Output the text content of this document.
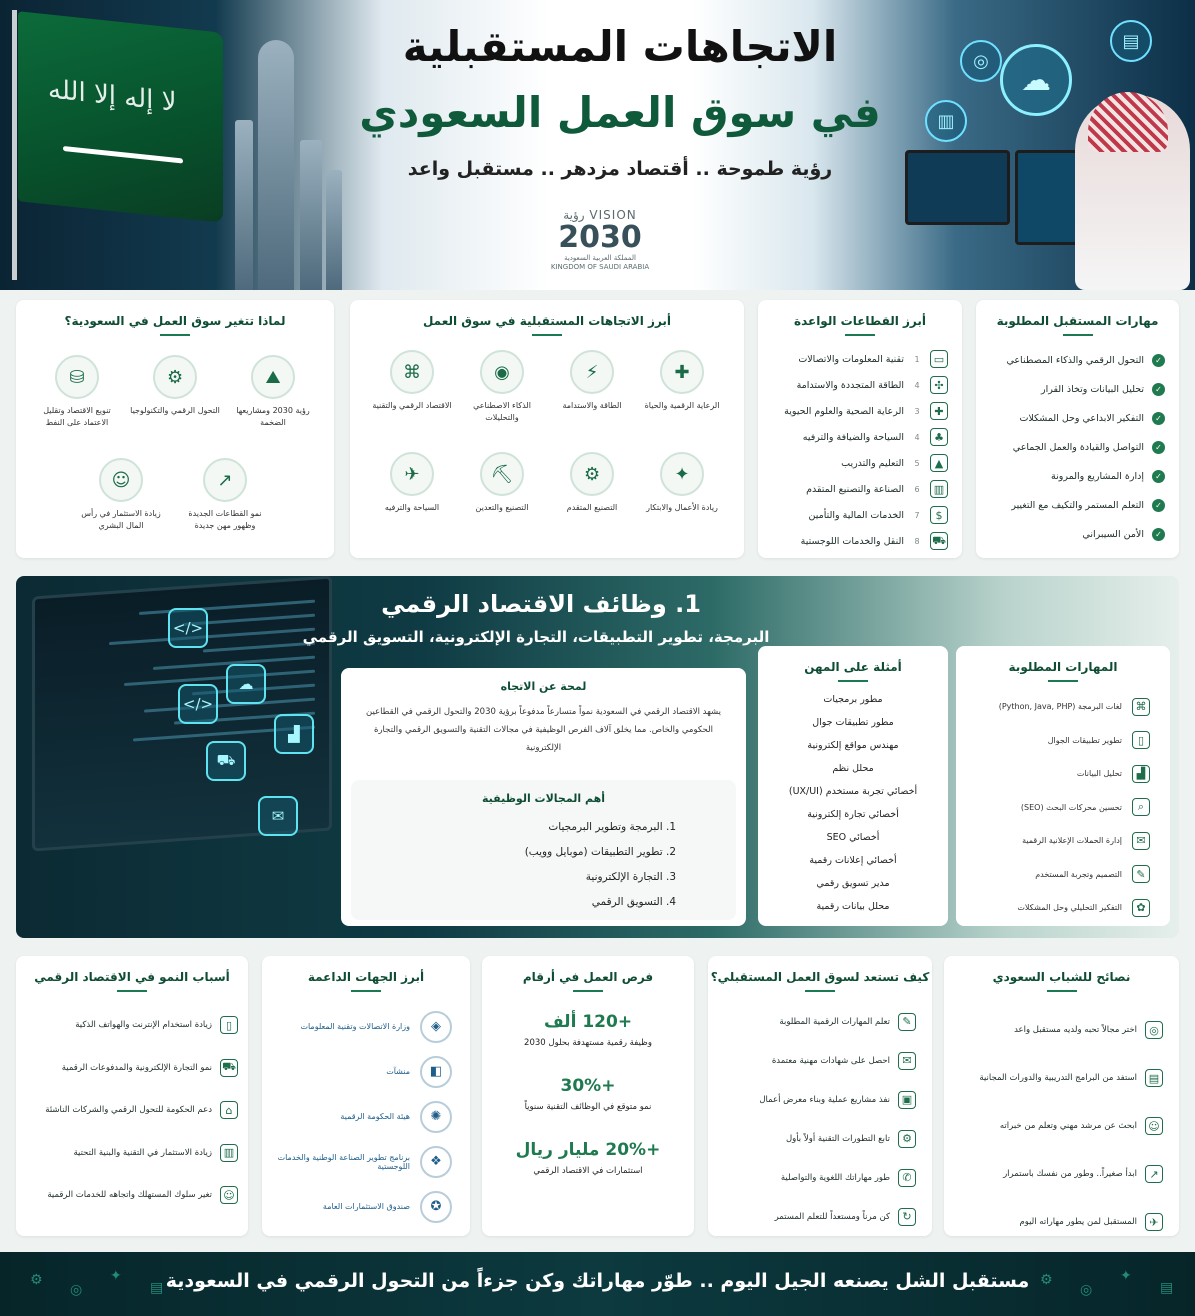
لا إله إلا الله
الاتجاهات المستقبلية
في سوق العمل السعودي
رؤية طموحة .. أقتصاد مزدهر .. مستقبل واعد
VISION رؤية
2030
المملكة العربية السعودية
KINGDOM OF SAUDI ARABIA
☁
▥
▤
◎
لماذا تتغير سوق العمل في السعودية؟
⛰
رؤية 2030 ومشاريعها الضخمة
⚙
التحول الرقمي والتكنولوجيا
⛁
تنويع الاقتصاد وتقليل الاعتماد على النفط
↗
نمو القطاعات الجديدة وظهور مهن جديدة
☺
زيادة الاستثمار في رأس المال البشري
أبرز الاتجاهات المستقبلية في سوق العمل
✚
الرعاية الرقمية والحياة
⚡
الطاقة والاستدامة
◉
الذكاء الاصطناعي والتحليلات
⌘
الاقتصاد الرقمي والتقنية
✦
ريادة الأعمال والابتكار
⚙
التصنيع المتقدم
⛏
التصنيع والتعدين
✈
السياحة والترفيه
أبرز القطاعات الواعدة
▭
1
تقنية المعلومات والاتصالات
✣
4
الطاقة المتجددة والاستدامة
✚
3
الرعاية الصحية والعلوم الحيوية
♣
4
السياحة والضيافة والترفيه
▲
5
التعليم والتدريب
▥
6
الصناعة والتصنيع المتقدم
$
7
الخدمات المالية والتأمين
⛟
8
النقل والخدمات اللوجستية
مهارات المستقبل المطلوبة
✓
التحول الرقمي والذكاء المصطناعي
✓
تحليل البيانات وتخاذ القرار
✓
التفكير الابداعي وحل المشكلات
✓
التواصل والقيادة والعمل الجماعي
✓
إدارة المشاريع والمرونة
✓
التعلم المستمر والتكيف مع التغيير
✓
الأمن السيبراني
</>
</>
☁
▟
⛟
✉
1. وظائف الاقتصاد الرقمي
البرمجة، تطوير التطبيقات، التجارة الإلكترونية، التسويق الرقمي
لمحة عن الاتجاه
يشهد الاقتصاد الرقمي في السعودية نمواً متسارعاً مدفوعاً برؤية 2030 والتحول الرقمي في القطاعين الحكومي والخاص. مما يخلق آلاف الفرص الوظيفية في مجالات التقنية والتسويق الرقمي والتجارة الإلكترونية
أهم المجالات الوظيفية
1. البرمجة وتطوير البرمجيات
2. تطوير التطبيقات (موبايل وويب)
3. التجارة الإلكترونية
4. التسويق الرقمي
أمثلة على المهن
مطور برمجيات
مطور تطبيقات جوال
مهندس مواقع إلكترونية
محلل نظم
أخصائي تجربة مستخدم (UX/UI)
أخصائي تجارة إلكترونية
أخصائي SEO
أخصائي إعلانات رقمية
مدير تسويق رقمي
محلل بيانات رقمية
المهارات المطلوبة
⌘
لغات البرمجة (Python, Java, PHP)
▯
تطوير تطبيقات الجوال
▟
تحليل البيانات
⌕
تحسين محركات البحث (SEO)
✉
إدارة الحملات الإعلانية الرقمية
✎
التصميم وتجربة المستخدم
✿
التفكير التحليلي وحل المشكلات
أسباب النمو في الاقتصاد الرقمي
▯
زيادة استخدام الإنترنت والهواتف الذكية
⛟
نمو التجارة الإلكترونية والمدفوعات الرقمية
⌂
دعم الحكومة للتحول الرقمي والشركات الناشئة
▥
زيادة الاستثمار في التقنية والبنية التحتية
☺
تغير سلوك المستهلك واتجاهه للخدمات الرقمية
أبرز الجهات الداعمة
◈
وزارة الاتصالات وتقنية المعلومات
◧
منشآت
✺
هيئة الحكومة الرقمية
❖
برنامج تطوير الصناعة الوطنية والخدمات اللوجستية
✪
صندوق الاستثمارات العامة
فرص العمل في أرقام
+120 ألف
وظيفة رقمية مستهدفة بحلول 2030
+30%
نمو متوقع في الوظائف التقنية سنوياً
+20% مليار ريال
استثمارات في الاقتصاد الرقمي
كيف تستعد لسوق العمل المستقبلي؟
✎
تعلم المهارات الرقمية المطلوبة
✉
احصل على شهادات مهنية معتمدة
▣
نفذ مشاريع عملية وبناء معرض أعمال
⚙
تابع التطورات التقنية أولاً بأول
✆
طور مهاراتك اللغوية والتواصلية
↻
كن مرناً ومستعداً للتعلم المستمر
نصائح للشباب السعودي
◎
اختر مجالاً تحبه ولديه مستقبل واعد
▤
استفد من البرامج التدريبية والدورات المجانية
☺
ابحث عن مرشد مهني وتعلم من خبراته
↗
ابدأ صغيراً.. وطور من نفسك باستمرار
✈
المستقبل لمن يطور مهاراته اليوم
⚙
◎
✦
▤	⚙
◎
✦
▤
مستقبل الشل يصنعه الجيل اليوم .. طوّر مهاراتك وكن جزءاً من التحول الرقمي في السعودية
